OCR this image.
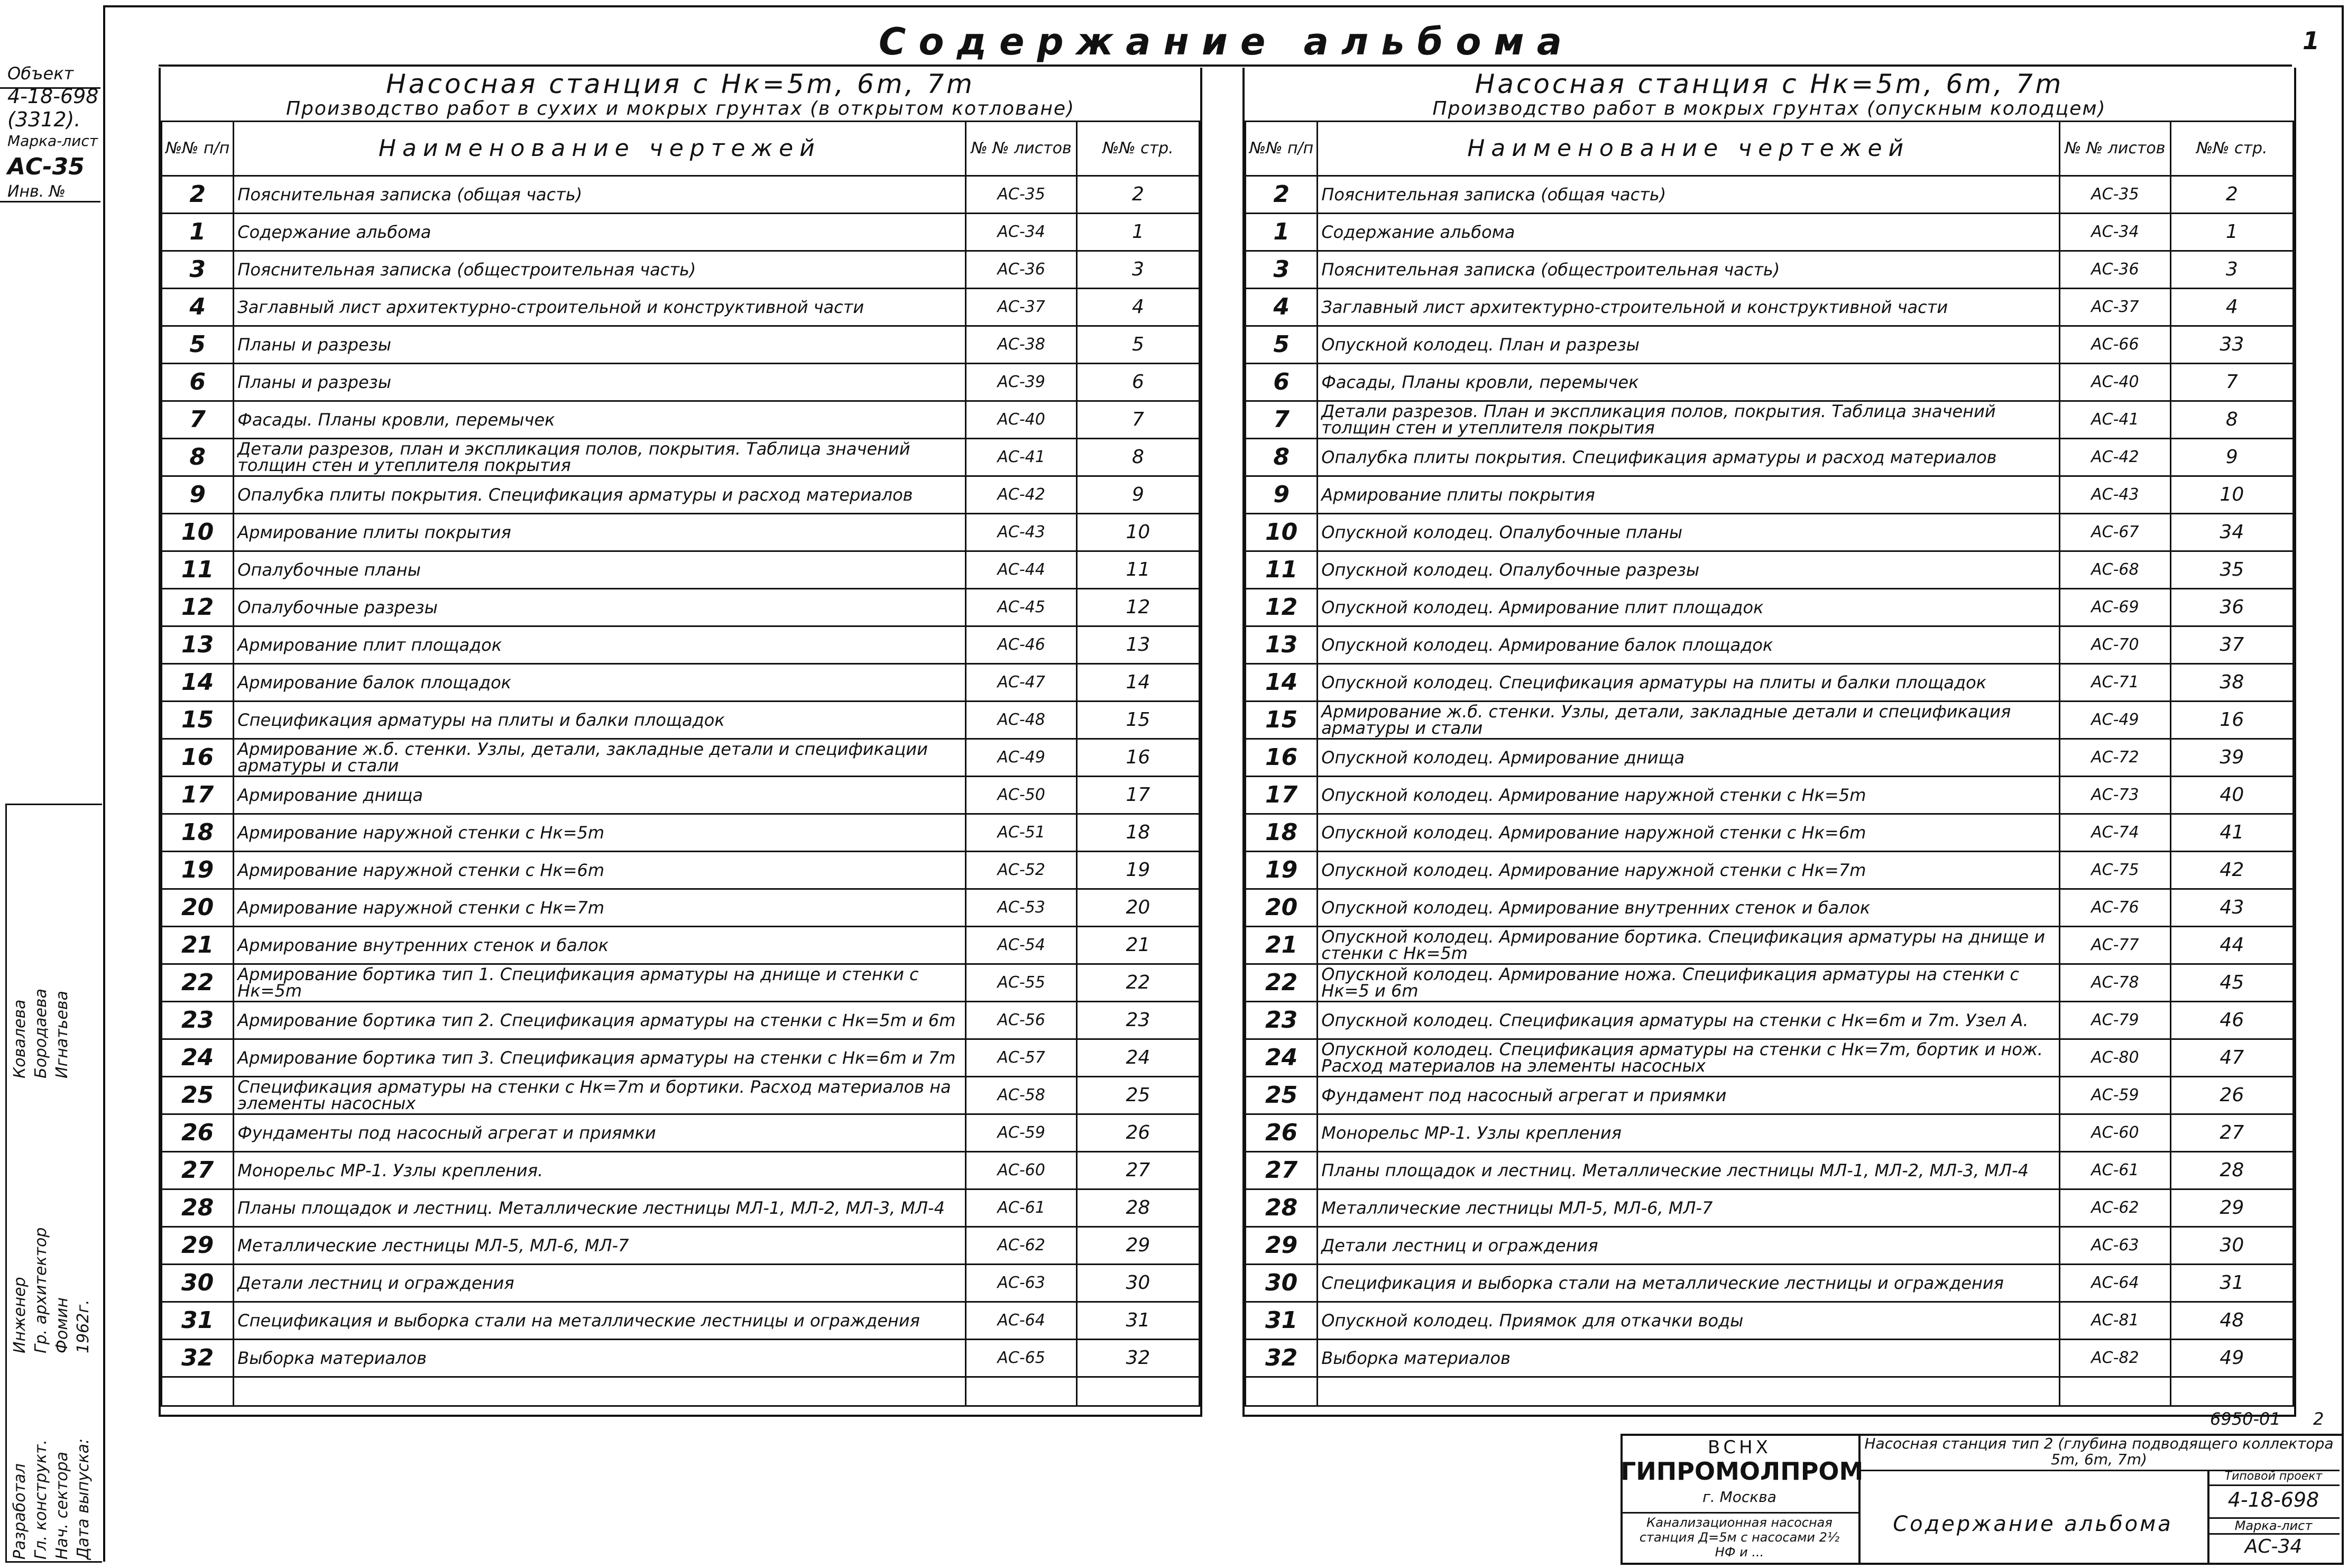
1
Содержание альбома
Объект
4-18-698
(3312).
Марка-лист
АС-35
Инв. №
Разработал Гл. конструкт. Нач. сектора Дата выпуска:
Инженер Гр. архитектор Фомин
Ковалева Бородаева Игнатьева
1962г.
Насосная станция с Нк=5m, 6m, 7m
Производство работ в сухих и мокрых грунтах (в открытом котловане)
№№ п/п	Наименование чертежей	№ № листов	№№ стр.
2	Пояснительная записка (общая часть)	АС-35	2
1	Содержание альбома	АС-34	1
3	Пояснительная записка (общестроительная часть)	АС-36	3
4	Заглавный лист архитектурно-строительной и конструктивной части	АС-37	4
5	Планы и разрезы	АС-38	5
6	Планы и разрезы	АС-39	6
7	Фасады. Планы кровли, перемычек	АС-40	7
8	Детали разрезов, план и экспликация полов, покрытия. Таблица значений толщин стен и утеплителя покрытия	АС-41	8
9	Опалубка плиты покрытия. Спецификация арматуры и расход материалов	АС-42	9
10	Армирование плиты покрытия	АС-43	10
11	Опалубочные планы	АС-44	11
12	Опалубочные разрезы	АС-45	12
13	Армирование плит площадок	АС-46	13
14	Армирование балок площадок	АС-47	14
15	Спецификация арматуры на плиты и балки площадок	АС-48	15
16	Армирование ж.б. стенки. Узлы, детали, закладные детали и спецификации арматуры и стали	АС-49	16
17	Армирование днища	АС-50	17
18	Армирование наружной стенки с Нк=5m	АС-51	18
19	Армирование наружной стенки с Нк=6m	АС-52	19
20	Армирование наружной стенки с Нк=7m	АС-53	20
21	Армирование внутренних стенок и балок	АС-54	21
22	Армирование бортика тип 1. Спецификация арматуры на днище и стенки с Нк=5m	АС-55	22
23	Армирование бортика тип 2. Спецификация арматуры на стенки с Нк=5m и 6m	АС-56	23
24	Армирование бортика тип 3. Спецификация арматуры на стенки с Нк=6m и 7m	АС-57	24
25	Спецификация арматуры на стенки с Нк=7m и бортики. Расход материалов на элементы насосных	АС-58	25
26	Фундаменты под насосный агрегат и приямки	АС-59	26
27	Монорельс МР-1. Узлы крепления.	АС-60	27
28	Планы площадок и лестниц. Металлические лестницы МЛ-1, МЛ-2, МЛ-3, МЛ-4	АС-61	28
29	Металлические лестницы МЛ-5, МЛ-6, МЛ-7	АС-62	29
30	Детали лестниц и ограждения	АС-63	30
31	Спецификация и выборка стали на металлические лестницы и ограждения	АС-64	31
32	Выборка материалов	АС-65	32

Насосная станция с Нк=5m, 6m, 7m
Производство работ в мокрых грунтах (опускным колодцем)
№№ п/п	Наименование чертежей	№ № листов	№№ стр.
2	Пояснительная записка (общая часть)	АС-35	2
1	Содержание альбома	АС-34	1
3	Пояснительная записка (общестроительная часть)	АС-36	3
4	Заглавный лист архитектурно-строительной и конструктивной части	АС-37	4
5	Опускной колодец. План и разрезы	АС-66	33
6	Фасады, Планы кровли, перемычек	АС-40	7
7	Детали разрезов. План и экспликация полов, покрытия. Таблица значений толщин стен и утеплителя покрытия	АС-41	8
8	Опалубка плиты покрытия. Спецификация арматуры и расход материалов	АС-42	9
9	Армирование плиты покрытия	АС-43	10
10	Опускной колодец. Опалубочные планы	АС-67	34
11	Опускной колодец. Опалубочные разрезы	АС-68	35
12	Опускной колодец. Армирование плит площадок	АС-69	36
13	Опускной колодец. Армирование балок площадок	АС-70	37
14	Опускной колодец. Спецификация арматуры на плиты и балки площадок	АС-71	38
15	Армирование ж.б. стенки. Узлы, детали, закладные детали и спецификация арматуры и стали	АС-49	16
16	Опускной колодец. Армирование днища	АС-72	39
17	Опускной колодец. Армирование наружной стенки с Нк=5m	АС-73	40
18	Опускной колодец. Армирование наружной стенки с Нк=6m	АС-74	41
19	Опускной колодец. Армирование наружной стенки с Нк=7m	АС-75	42
20	Опускной колодец. Армирование внутренних стенок и балок	АС-76	43
21	Опускной колодец. Армирование бортика. Спецификация арматуры на днище и стенки с Нк=5m	АС-77	44
22	Опускной колодец. Армирование ножа. Спецификация арматуры на стенки с Нк=5 и 6m	АС-78	45
23	Опускной колодец. Спецификация арматуры на стенки с Нк=6m и 7m. Узел А.	АС-79	46
24	Опускной колодец. Спецификация арматуры на стенки с Нк=7m, бортик и нож. Расход материалов на элементы насосных	АС-80	47
25	Фундамент под насосный агрегат и приямки	АС-59	26
26	Монорельс МР-1. Узлы крепления	АС-60	27
27	Планы площадок и лестниц. Металлические лестницы МЛ-1, МЛ-2, МЛ-3, МЛ-4	АС-61	28
28	Металлические лестницы МЛ-5, МЛ-6, МЛ-7	АС-62	29
29	Детали лестниц и ограждения	АС-63	30
30	Спецификация и выборка стали на металлические лестницы и ограждения	АС-64	31
31	Опускной колодец. Приямок для откачки воды	АС-81	48
32	Выборка материалов	АС-82	49

6950-01 2
ВСНХ
ГИПРОМОЛПРОМ
г. Москва
Канализационная насосная станция Д=5м с насосами 2½ НФ и ...
Насосная станция тип 2 (глубина подводящего коллектора 5m, 6m, 7m)
Содержание альбома
Типовой проект
4-18-698
Марка-лист
АС-34
